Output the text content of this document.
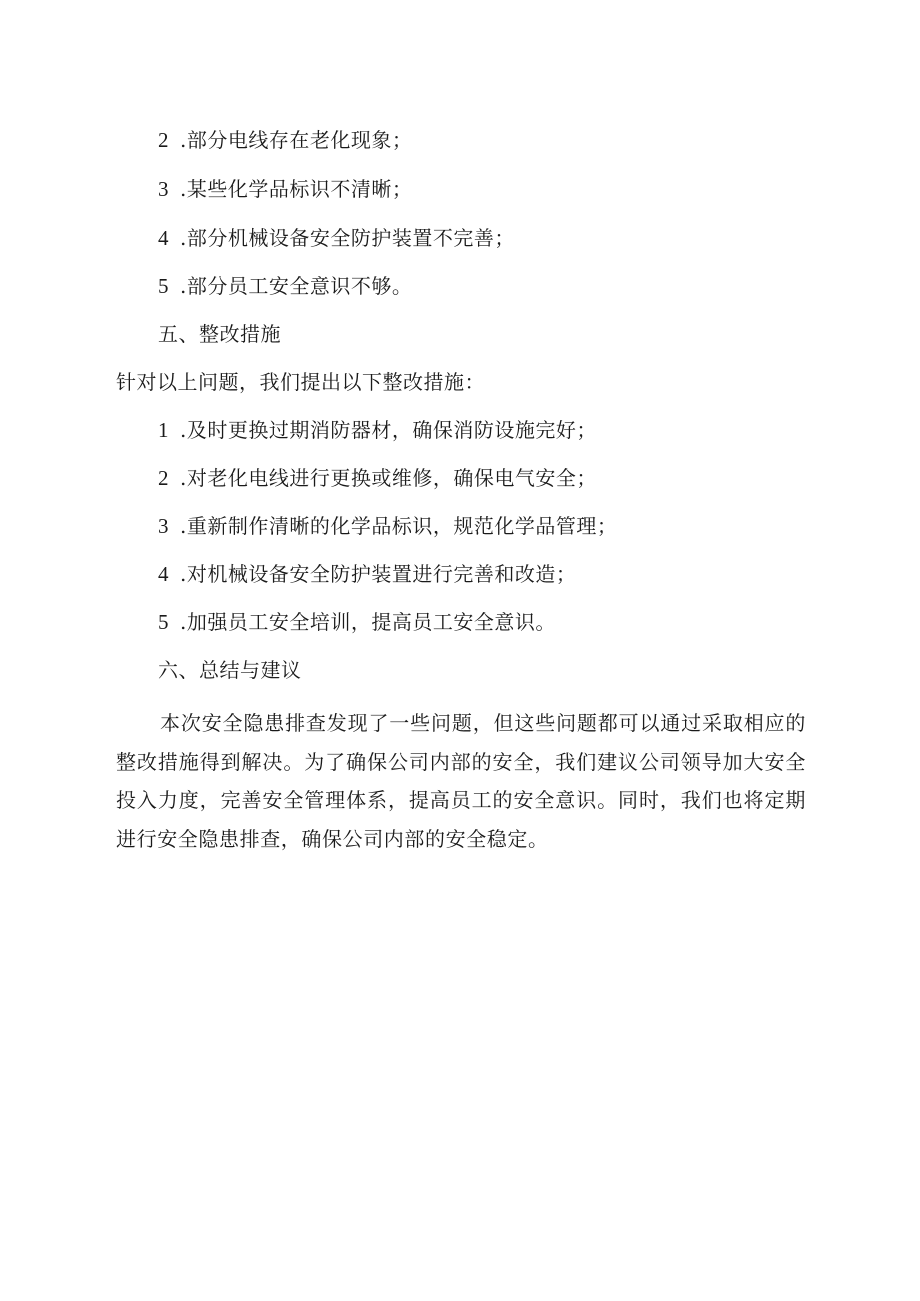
2 .部分电线存在老化现象；
3 .某些化学品标识不清晰；
4 .部分机械设备安全防护装置不完善；
5 .部分员工安全意识不够。
五、整改措施
针对以上问题，我们提出以下整改措施：
1 .及时更换过期消防器材，确保消防设施完好；
2 .对老化电线进行更换或维修，确保电气安全；
3 .重新制作清晰的化学品标识，规范化学品管理；
4 .对机械设备安全防护装置进行完善和改造；
5 .加强员工安全培训，提高员工安全意识。
六、总结与建议
本次安全隐患排查发现了一些问题，但这些问题都可以通过采取相应的整改措施得到解决。为了确保公司内部的安全，我们建议公司领导加大安全投入力度，完善安全管理体系，提高员工的安全意识。同时，我们也将定期进行安全隐患排查，确保公司内部的安全稳定。
